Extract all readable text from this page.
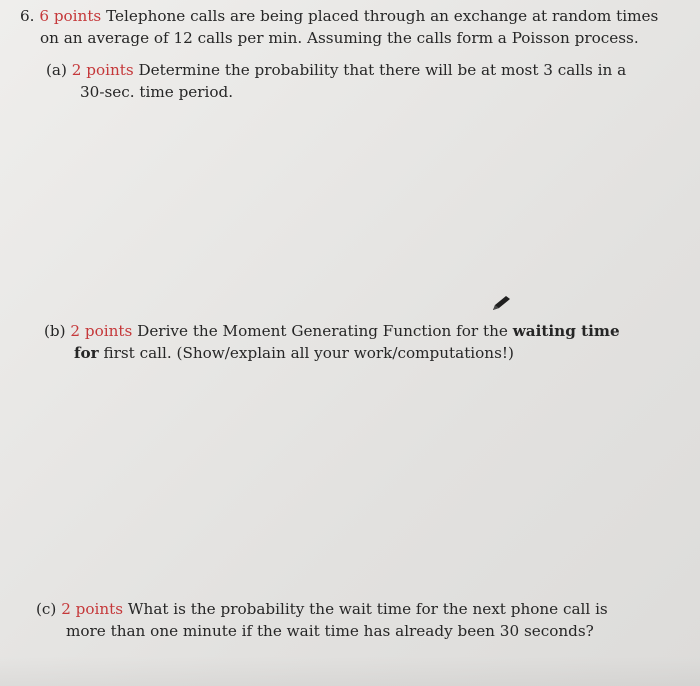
6. 6 points Telephone calls are being placed through an exchange at random times
on an average of 12 calls per min. Assuming the calls form a Poisson process.
(a) 2 points Determine the probability that there will be at most 3 calls in a
30-sec. time period.
(b) 2 points Derive the Moment Generating Function for the waiting time
for first call. (Show/explain all your work/computations!)
(c) 2 points What is the probability the wait time for the next phone call is
more than one minute if the wait time has already been 30 seconds?
